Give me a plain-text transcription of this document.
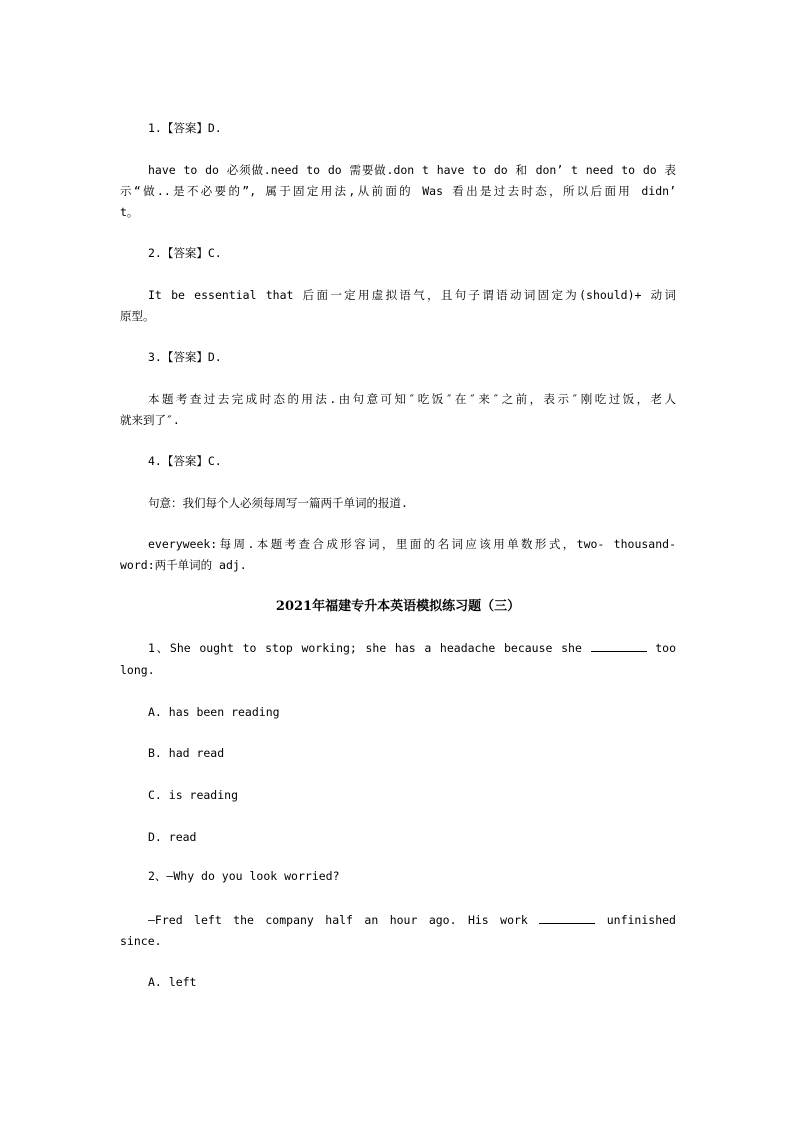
1.【答案】D.
have to do 必须做.need to do 需要做.don t have to do 和 don’ t need to do 表
示“做..是不必要的”, 属于固定用法,从前面的 Was 看出是过去时态，所以后面用 didn’
t。
2.【答案】C.
It be essential that 后面一定用虚拟语气，且句子谓语动词固定为(should)+ 动词
原型。
3.【答案】D.
本题考查过去完成时态的用法.由句意可知″吃饭″在″来″之前，表示″刚吃过饭，老人
就来到了″.
4.【答案】C.
句意：我们每个人必须每周写一篇两千单词的报道.
everyweek:每周.本题考查合成形容词，里面的名词应该用单数形式，two- thousand-
word:两千单词的 adj.
2021年福建专升本英语模拟练习题（三）
1、She ought to stop working; she has a headache because she	too
long.
A. has been reading
B. had read
C. is reading
D. read
2、—Why do you look worried?
—Fred left the company half an hour ago. His work	unfinished
since.
A. left
